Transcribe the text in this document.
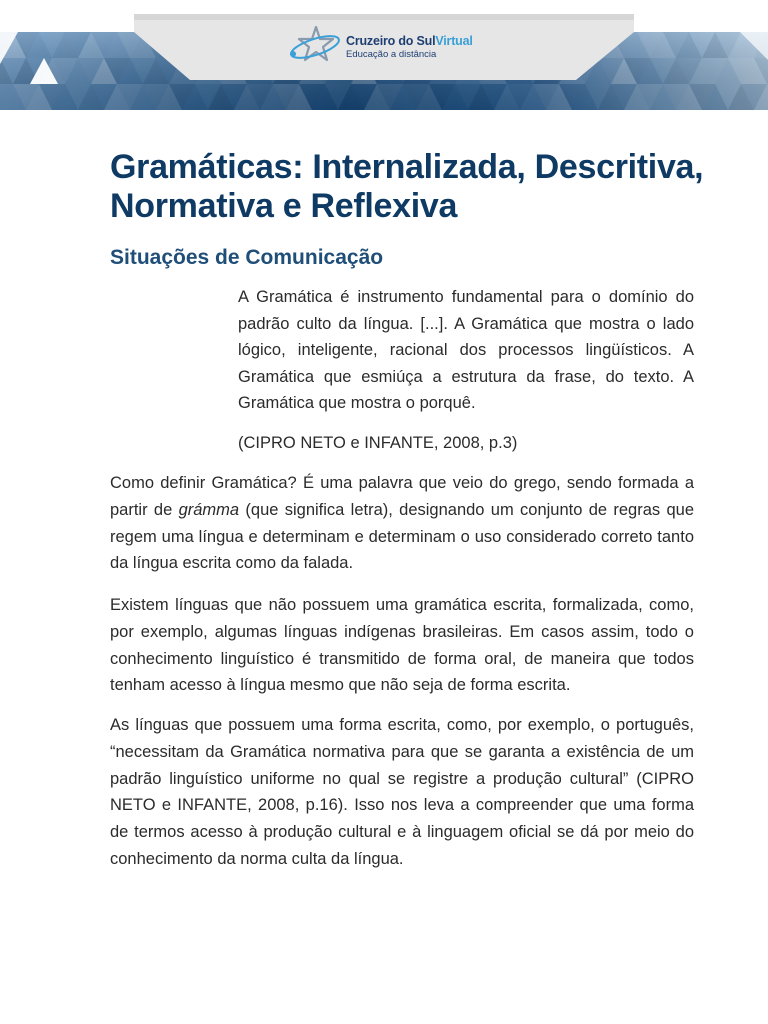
Cruzeiro do SulVirtual
Educação a distância
Gramáticas: Internalizada, Descritiva, Normativa e Reflexiva
Situações de Comunicação

A Gramática é instrumento fundamental para o domínio do padrão culto da língua. [...]. A Gramática que mostra o lado lógico, inteligente, racional dos processos lingüísticos. A Gramática que esmiúça a estrutura da frase, do texto. A Gramática que mostra o porquê.

(CIPRO NETO e INFANTE, 2008, p.3)

Como definir Gramática? É uma palavra que veio do grego, sendo formada a partir de grámma (que significa letra), designando um conjunto de regras que regem uma língua e determinam e determinam o uso considerado correto tanto da língua escrita como da falada.

Existem línguas que não possuem uma gramática escrita, formalizada, como, por exemplo, algumas línguas indígenas brasileiras. Em casos assim, todo o conhecimento linguístico é transmitido de forma oral, de maneira que todos tenham acesso à língua mesmo que não seja de forma escrita.

As línguas que possuem uma forma escrita, como, por exemplo, o português, “necessitam da Gramática normativa para que se garanta a existência de um padrão linguístico uniforme no qual se registre a produção cultural” (CIPRO NETO e INFANTE, 2008, p.16). Isso nos leva a compreender que uma forma de termos acesso à produção cultural e à linguagem oficial se dá por meio do conhecimento da norma culta da língua.
